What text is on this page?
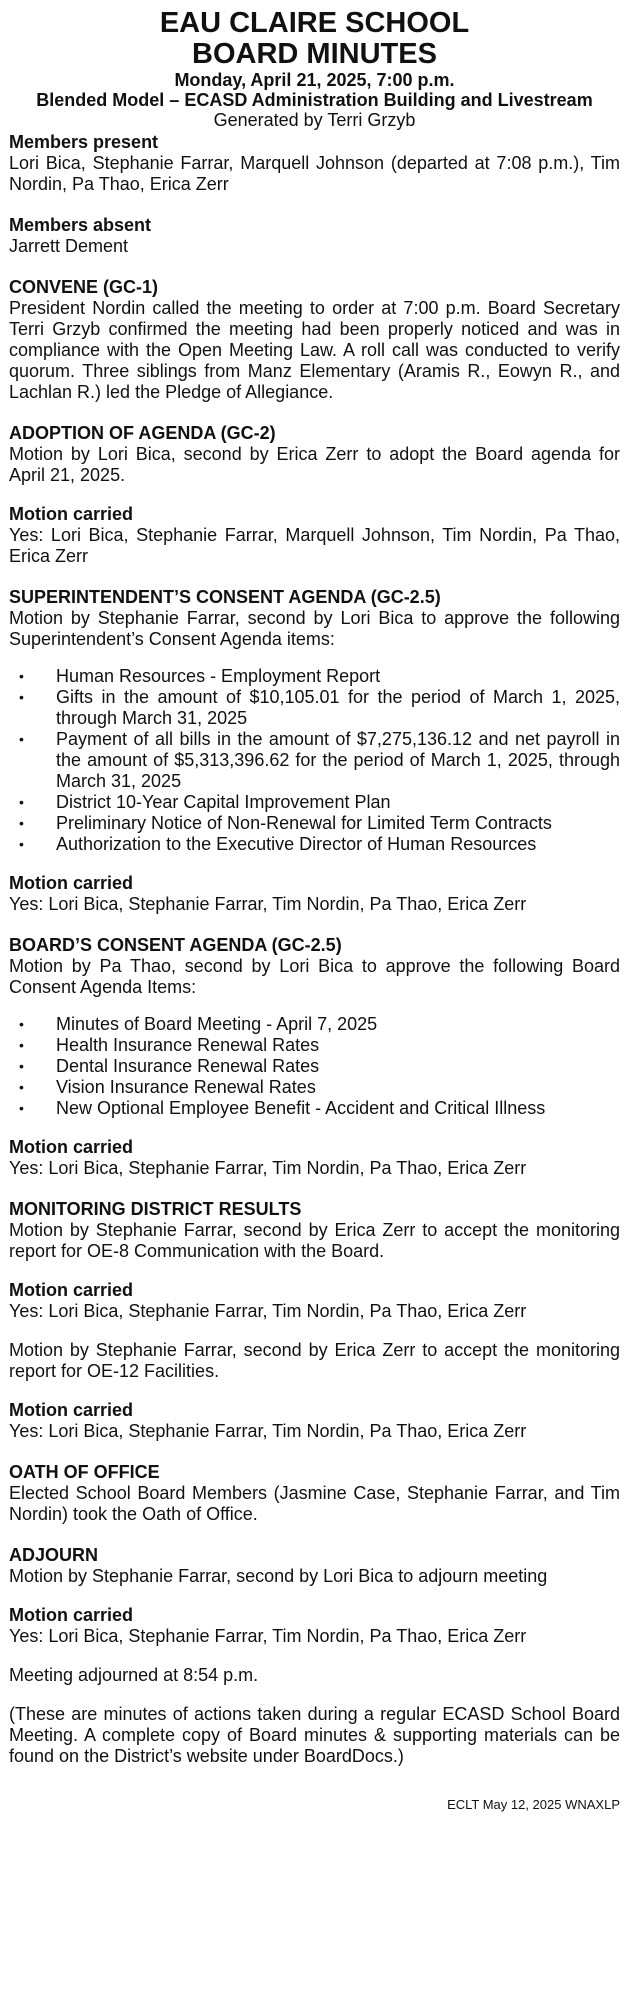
EAU CLAIRE SCHOOL
BOARD MINUTES
Monday, April 21, 2025, 7:00 p.m.
Blended Model – ECASD Administration Building and Livestream
Generated by Terri Grzyb
Members present
Lori Bica, Stephanie Farrar, Marquell Johnson (departed at 7:08 p.m.), Tim Nordin, Pa Thao, Erica Zerr
Members absent
Jarrett Dement
CONVENE (GC-1)
President Nordin called the meeting to order at 7:00 p.m. Board Secretary Terri Grzyb confirmed the meeting had been properly noticed and was in compliance with the Open Meeting Law. A roll call was conducted to verify quorum. Three siblings from Manz Elementary (Aramis R., Eowyn R., and Lachlan R.) led the Pledge of Allegiance.
ADOPTION OF AGENDA (GC-2)
Motion by Lori Bica, second by Erica Zerr to adopt the Board agenda for April 21, 2025.
Motion carried
Yes: Lori Bica, Stephanie Farrar, Marquell Johnson, Tim Nordin, Pa Thao, Erica Zerr
SUPERINTENDENT’S CONSENT AGENDA (GC-2.5)
Motion by Stephanie Farrar, second by Lori Bica to approve the following Superintendent’s Consent Agenda items:
• Human Resources - Employment Report
• Gifts in the amount of $10,105.01 for the period of March 1, 2025, through March 31, 2025
• Payment of all bills in the amount of $7,275,136.12 and net payroll in the amount of $5,313,396.62 for the period of March 1, 2025, through March 31, 2025
• District 10-Year Capital Improvement Plan
• Preliminary Notice of Non-Renewal for Limited Term Contracts
• Authorization to the Executive Director of Human Resources
Motion carried
Yes: Lori Bica, Stephanie Farrar, Tim Nordin, Pa Thao, Erica Zerr
BOARD’S CONSENT AGENDA (GC-2.5)
Motion by Pa Thao, second by Lori Bica to approve the following Board Consent Agenda Items:
• Minutes of Board Meeting - April 7, 2025
• Health Insurance Renewal Rates
• Dental Insurance Renewal Rates
• Vision Insurance Renewal Rates
• New Optional Employee Benefit - Accident and Critical Illness
Motion carried
Yes: Lori Bica, Stephanie Farrar, Tim Nordin, Pa Thao, Erica Zerr
MONITORING DISTRICT RESULTS
Motion by Stephanie Farrar, second by Erica Zerr to accept the monitoring report for OE-8 Communication with the Board.
Motion carried
Yes: Lori Bica, Stephanie Farrar, Tim Nordin, Pa Thao, Erica Zerr
Motion by Stephanie Farrar, second by Erica Zerr to accept the monitoring report for OE-12 Facilities.
Motion carried
Yes: Lori Bica, Stephanie Farrar, Tim Nordin, Pa Thao, Erica Zerr
OATH OF OFFICE
Elected School Board Members (Jasmine Case, Stephanie Farrar, and Tim Nordin) took the Oath of Office.
ADJOURN
Motion by Stephanie Farrar, second by Lori Bica to adjourn meeting
Motion carried
Yes: Lori Bica, Stephanie Farrar, Tim Nordin, Pa Thao, Erica Zerr
Meeting adjourned at 8:54 p.m.
(These are minutes of actions taken during a regular ECASD School Board Meeting. A complete copy of Board minutes & supporting materials can be found on the District’s website under BoardDocs.)
ECLT May 12, 2025 WNAXLP
